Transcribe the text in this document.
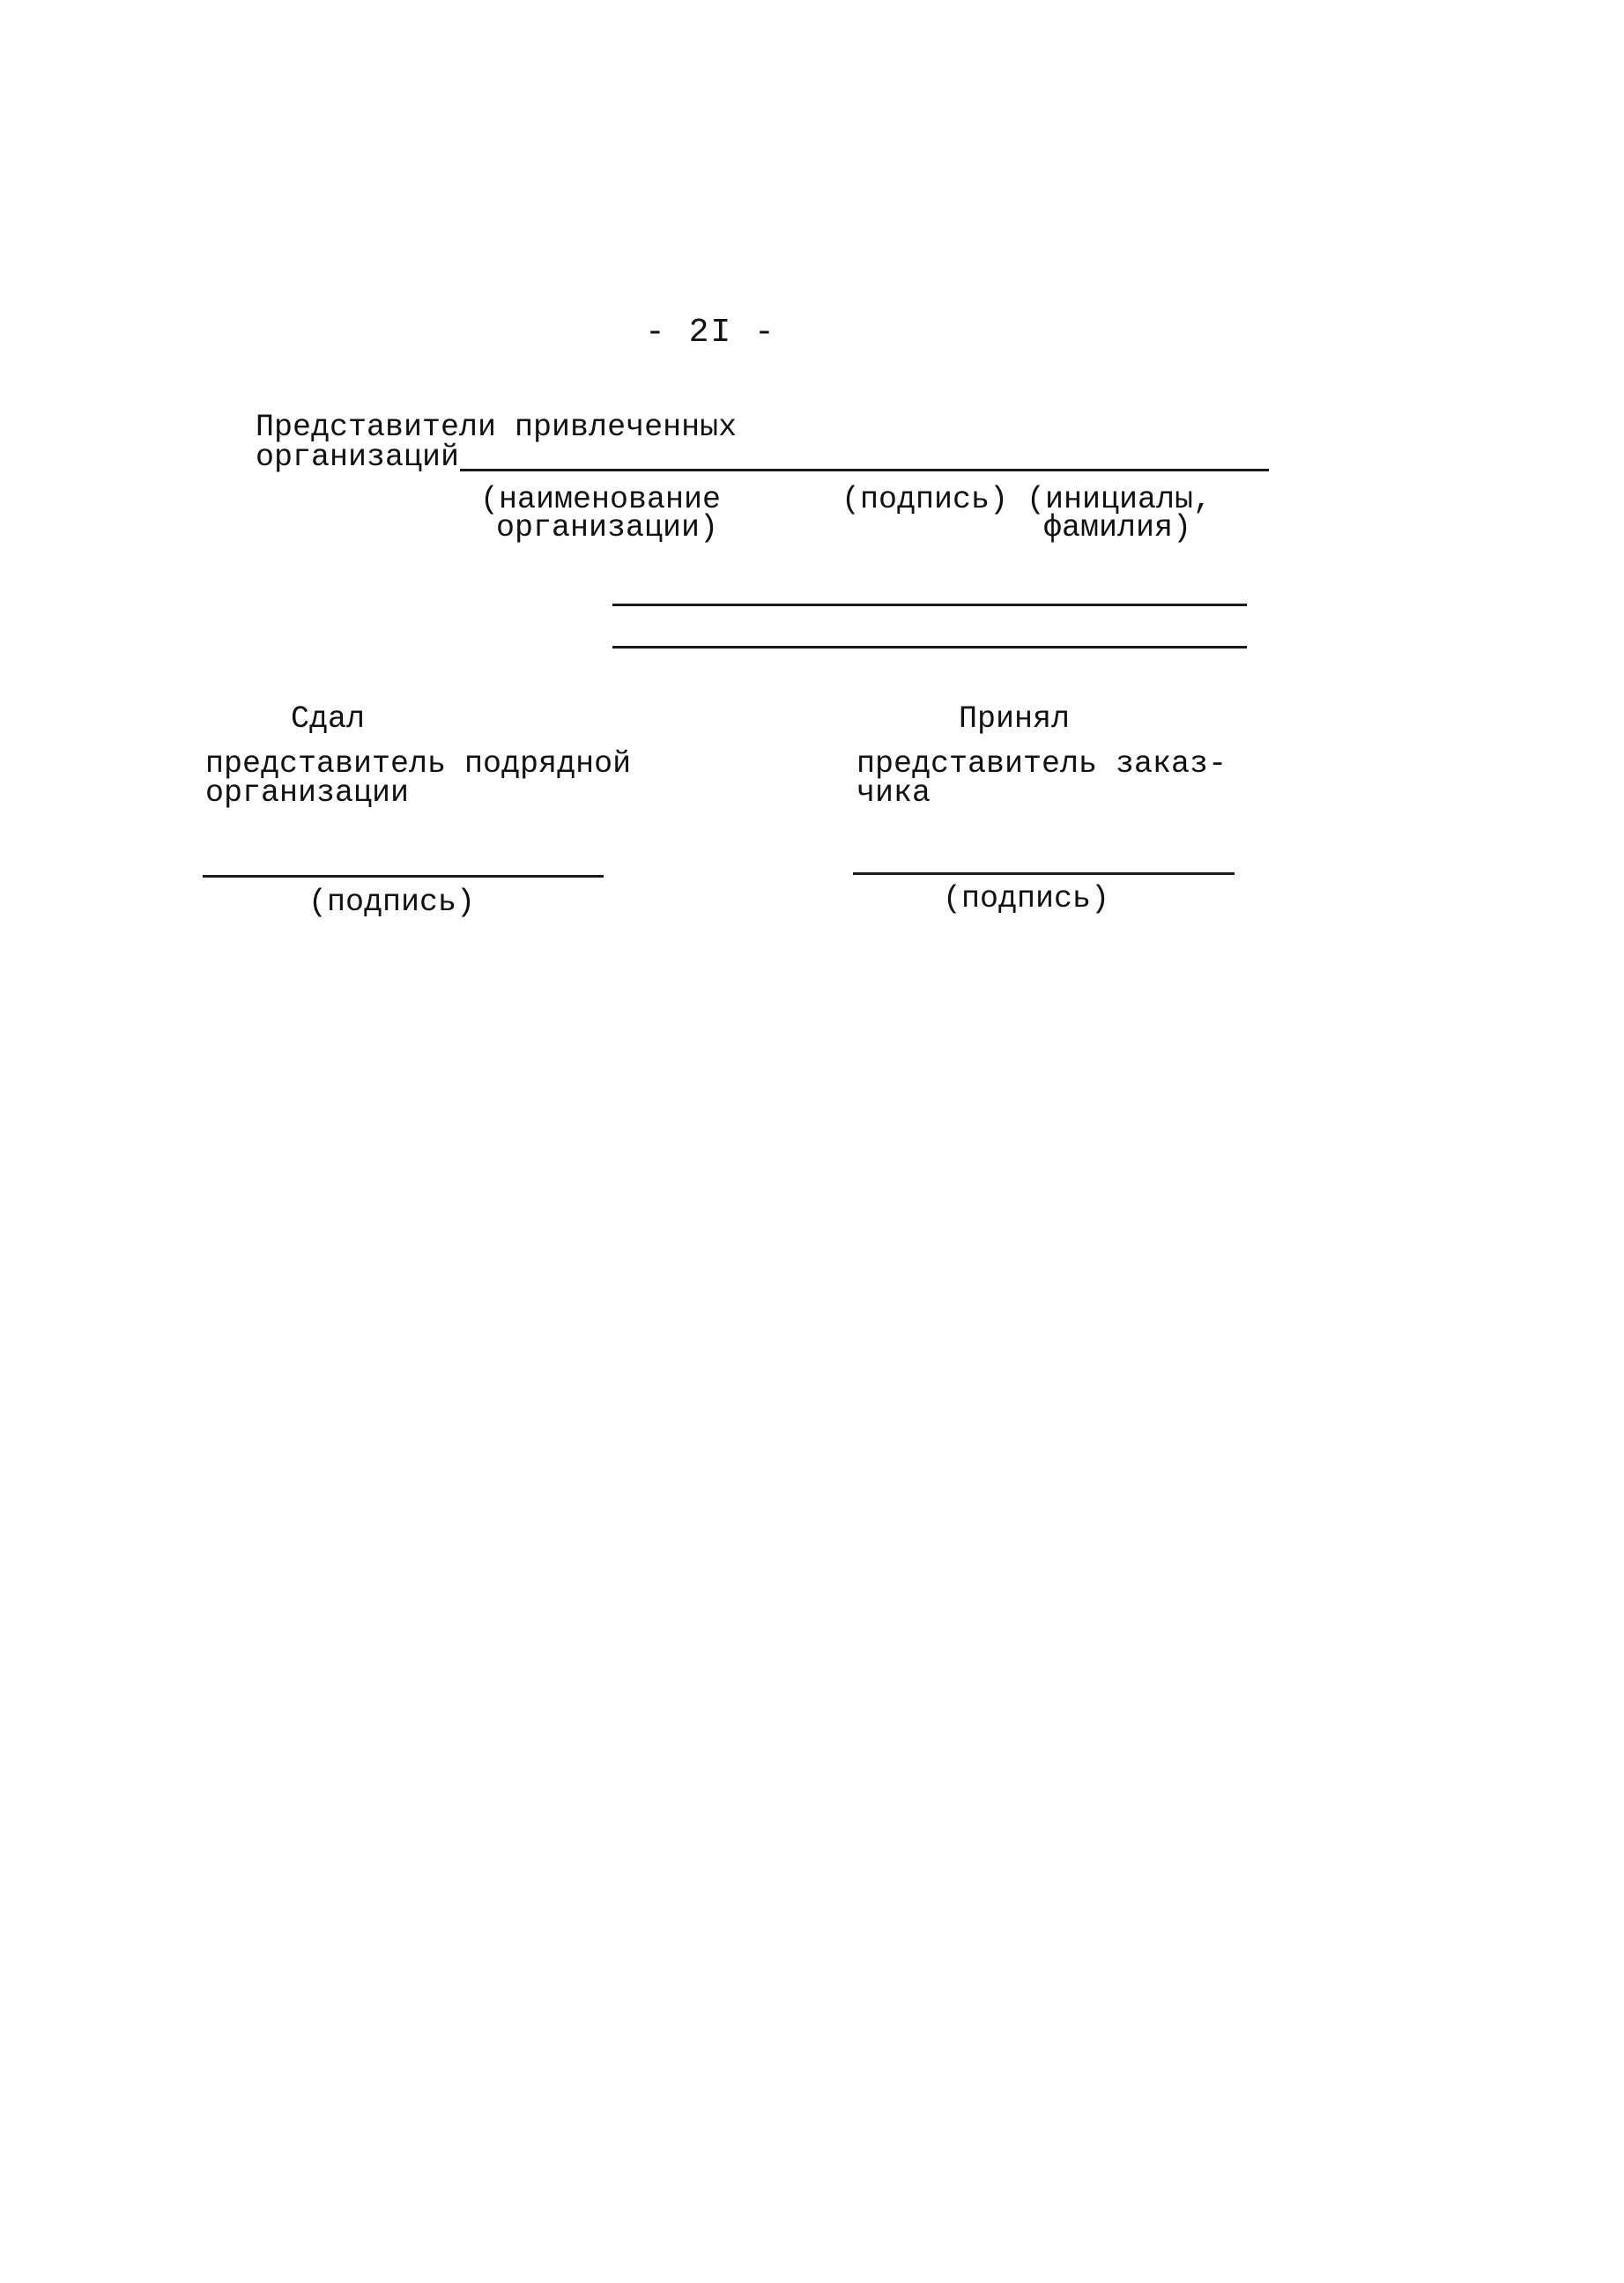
- 2I -
Представители привлеченных
организаций
(наименование
организации)
(подпись) (инициалы,
фамилия)
Сдал
представитель подрядной
организации
(подпись)
Принял
представитель заказ-
чика
(подпись)
